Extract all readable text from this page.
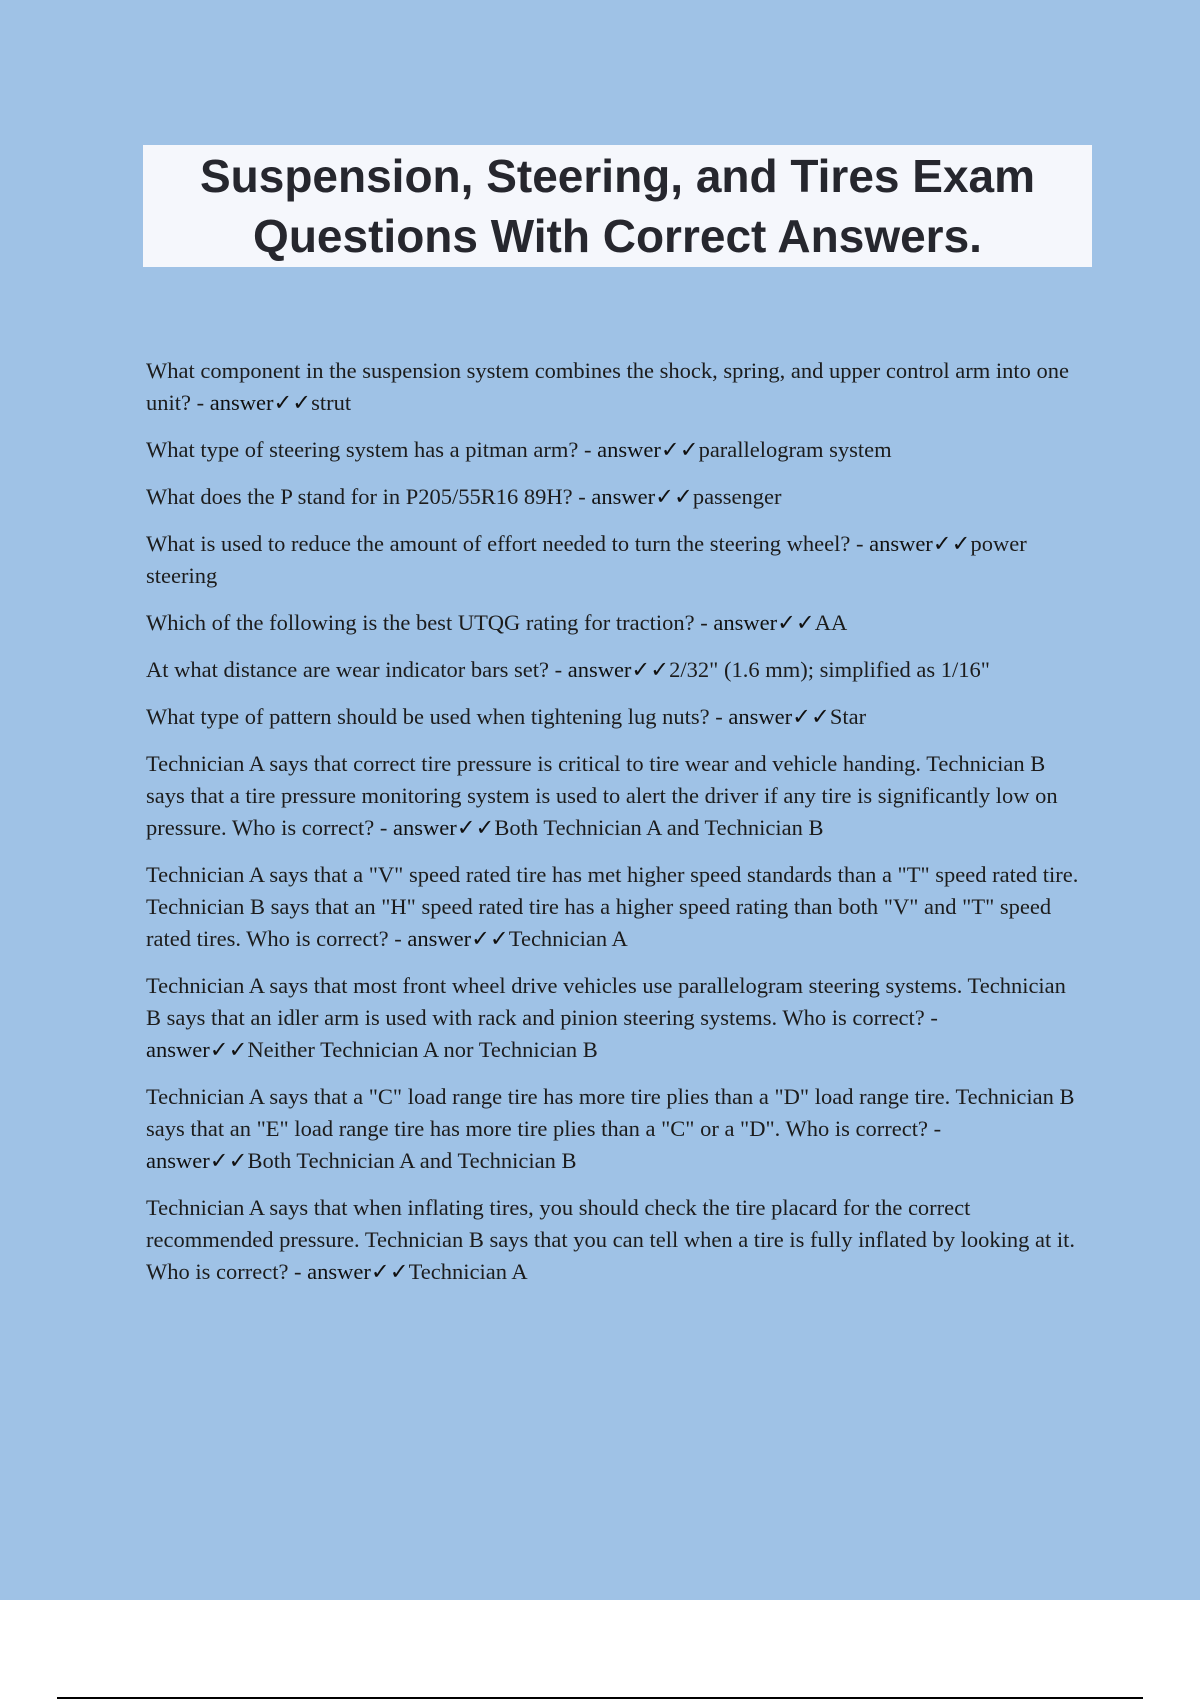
Suspension, Steering, and Tires Exam Questions With Correct Answers.

What component in the suspension system combines the shock, spring, and upper control arm into one unit? - answer✓✓strut

What type of steering system has a pitman arm? - answer✓✓parallelogram system

What does the P stand for in P205/55R16 89H? - answer✓✓passenger

What is used to reduce the amount of effort needed to turn the steering wheel? - answer✓✓power steering

Which of the following is the best UTQG rating for traction? - answer✓✓AA

At what distance are wear indicator bars set? - answer✓✓2/32" (1.6 mm); simplified as 1/16"

What type of pattern should be used when tightening lug nuts? - answer✓✓Star

Technician A says that correct tire pressure is critical to tire wear and vehicle handing. Technician B says that a tire pressure monitoring system is used to alert the driver if any tire is significantly low on pressure. Who is correct? - answer✓✓Both Technician A and Technician B

Technician A says that a "V" speed rated tire has met higher speed standards than a "T" speed rated tire. Technician B says that an "H" speed rated tire has a higher speed rating than both "V" and "T" speed rated tires. Who is correct? - answer✓✓Technician A

Technician A says that most front wheel drive vehicles use parallelogram steering systems. Technician B says that an idler arm is used with rack and pinion steering systems. Who is correct? - answer✓✓Neither Technician A nor Technician B

Technician A says that a "C" load range tire has more tire plies than a "D" load range tire. Technician B says that an "E" load range tire has more tire plies than a "C" or a "D". Who is correct? - answer✓✓Both Technician A and Technician B

Technician A says that when inflating tires, you should check the tire placard for the correct recommended pressure. Technician B says that you can tell when a tire is fully inflated by looking at it. Who is correct? - answer✓✓Technician A
